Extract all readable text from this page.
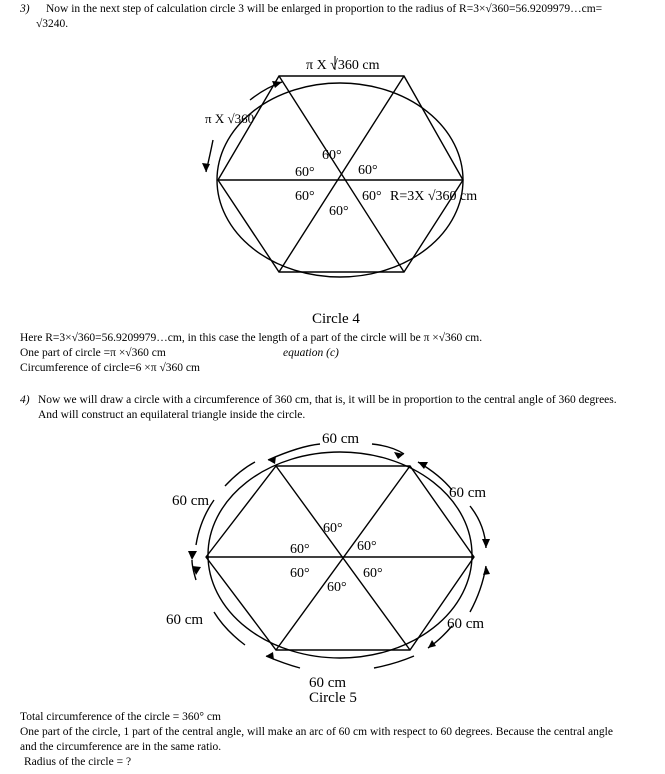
3) Now in the next step of calculation circle 3 will be enlarged in proportion to the radius of R=3×√360=56.9209979…cm=
√3240.
π X √360 cm
π X √360
60°
60°	60°
60°	60°
60°
R=3X √360 cm
Circle 4
60 cm
60 cm	60 cm
60 cm	60 cm
60 cm
60°
60°	60°
60°	60°
60°
Circle 5
Here R=3×√360=56.9209979…cm, in this case the length of a part of the circle will be π ×√360 cm.
One part of circle =π ×√360 cm	equation (c)
Circumference of circle=6 ×π √360 cm
4) Now we will draw a circle with a circumference of 360 cm, that is, it will be in proportion to the central angle of 360 degrees.
And will construct an equilateral triangle inside the circle.
Total circumference of the circle = 360° cm
One part of the circle, 1 part of the central angle, will make an arc of 60 cm with respect to 60 degrees. Because the central angle
and the circumference are in the same ratio.
Radius of the circle = ?
